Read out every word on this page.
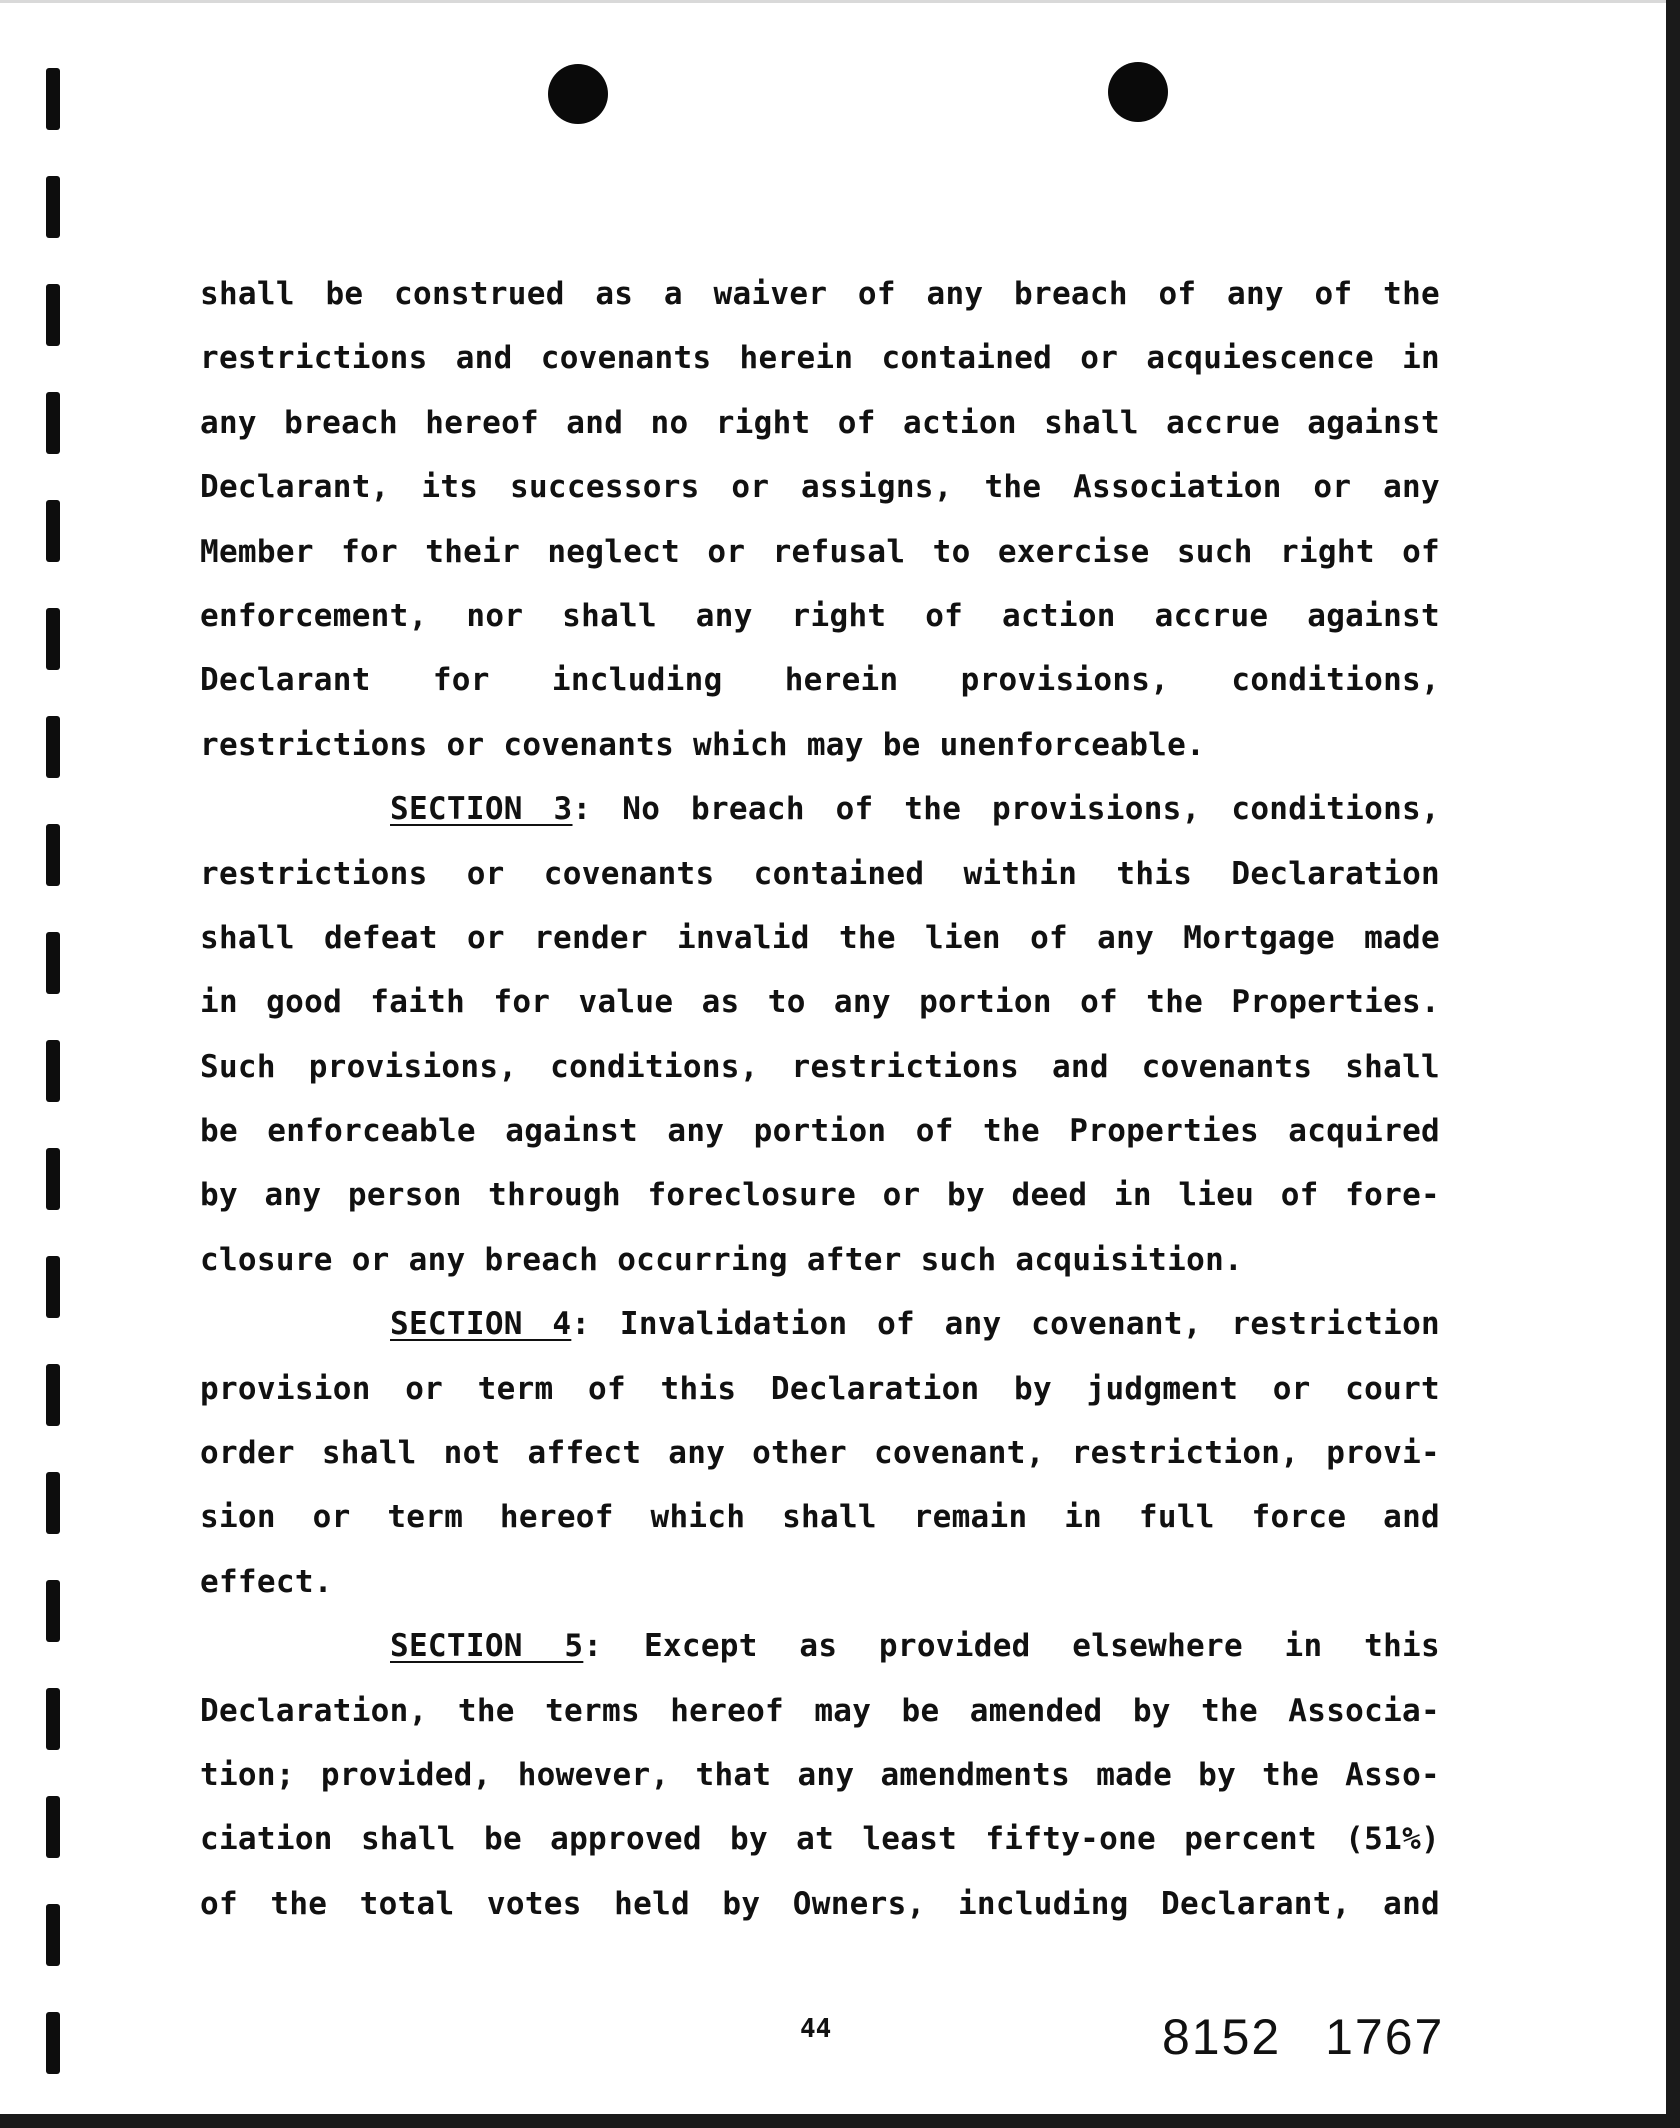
shall be construed as a waiver of any breach of any of the
restrictions and covenants herein contained or acquiescence in
any breach hereof and no right of action shall accrue against
Declarant, its successors or assigns, the Association or any
Member for their neglect or refusal to exercise such right of
enforcement, nor shall any right of action accrue against
Declarant for including herein provisions, conditions,
restrictions or covenants which may be unenforceable.
SECTION 3: No breach of the provisions, conditions,
restrictions or covenants contained within this Declaration
shall defeat or render invalid the lien of any Mortgage made
in good faith for value as to any portion of the Properties.
Such provisions, conditions, restrictions and covenants shall
be enforceable against any portion of the Properties acquired
by any person through foreclosure or by deed in lieu of fore-
closure or any breach occurring after such acquisition.
SECTION 4: Invalidation of any covenant, restriction
provision or term of this Declaration by judgment or court
order shall not affect any other covenant, restriction, provi-
sion or term hereof which shall remain in full force and
effect.
SECTION 5: Except as provided elsewhere in this
Declaration, the terms hereof may be amended by the Associa-
tion; provided, however, that any amendments made by the Asso-
ciation shall be approved by at least fifty-one percent (51%)
of the total votes held by Owners, including Declarant, and
44	8152 1767
